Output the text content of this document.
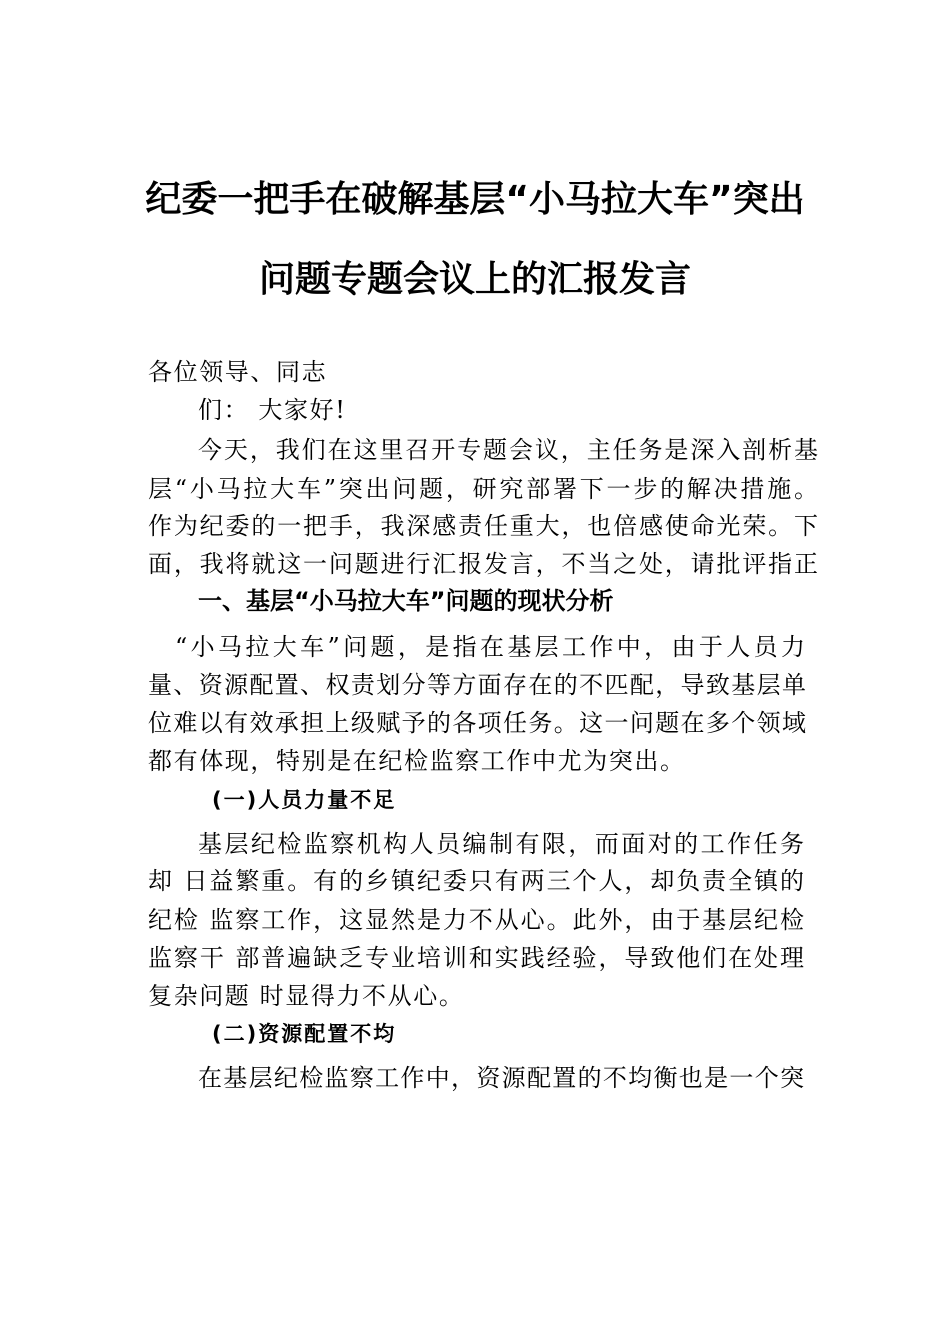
纪委一把手在破解基层“小马拉大车”突出
问题专题会议上的汇报发言
各位领导、同志
们： 大家好!
今天，我们在这里召开专题会议，主任务是深入剖析基
层“小马拉大车”突出问题，研究部署下一步的解决措施。
作为纪委的一把手，我深感责任重大，也倍感使命光荣。下
面，我将就这一问题进行汇报发言，不当之处，请批评指正
一、基层“小马拉大车”问题的现状分析
“小马拉大车”问题，是指在基层工作中，由于人员力
量、资源配置、权责划分等方面存在的不匹配，导致基层单
位难以有效承担上级赋予的各项任务。这一问题在多个领域
都有体现，特别是在纪检监察工作中尤为突出。
(一)人员力量不足
基层纪检监察机构人员编制有限，而面对的工作任务
却 日益繁重。有的乡镇纪委只有两三个人，却负责全镇的
纪检 监察工作，这显然是力不从心。此外，由于基层纪检
监察干 部普遍缺乏专业培训和实践经验，导致他们在处理
复杂问题 时显得力不从心。
(二)资源配置不均
在基层纪检监察工作中，资源配置的不均衡也是一个突
